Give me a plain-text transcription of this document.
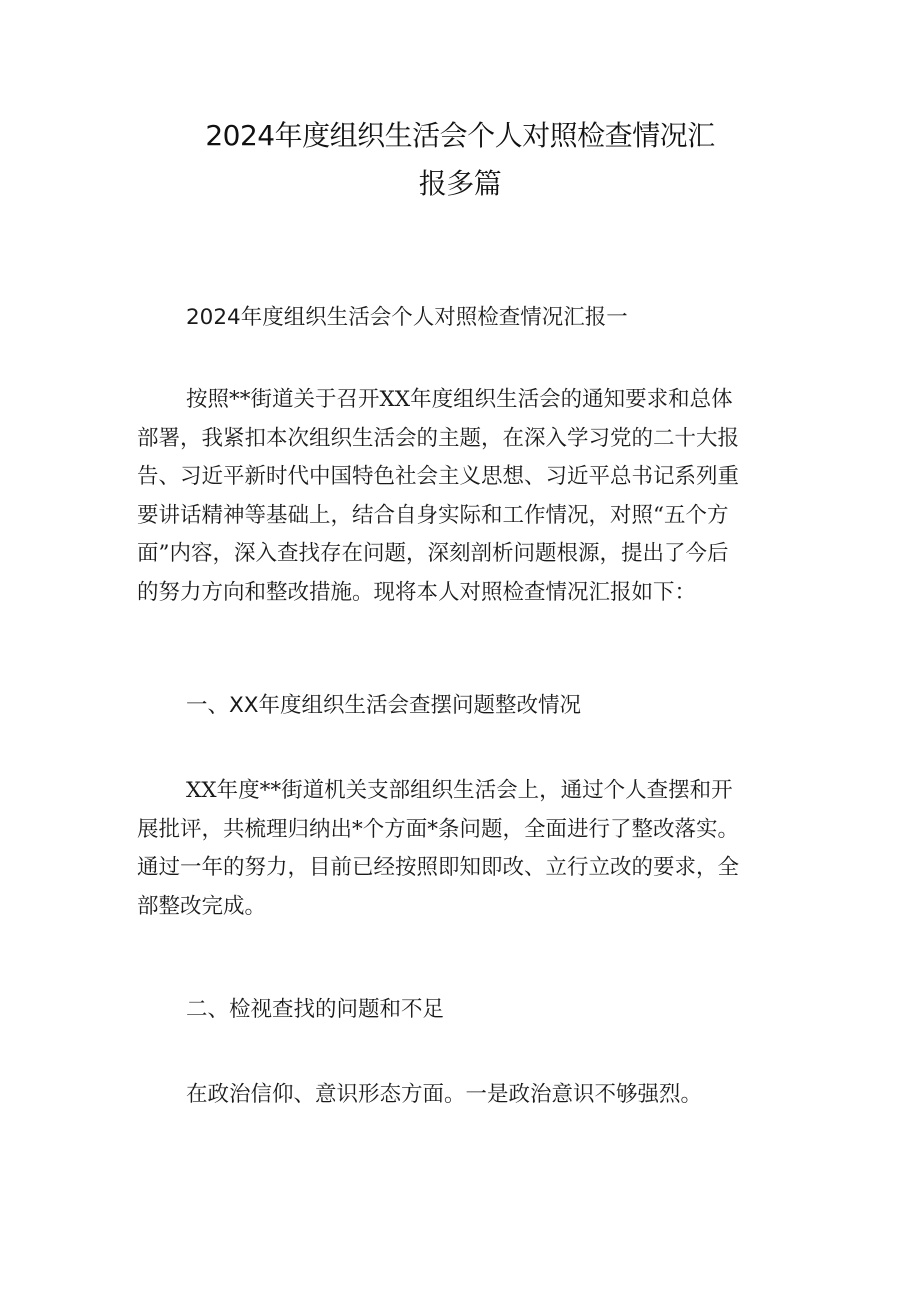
2024年度组织生活会个人对照检查情况汇
报多篇
2024年度组织生活会个人对照检查情况汇报一

按照**街道关于召开XX年度组织生活会的通知要求和总体
部署，我紧扣本次组织生活会的主题，在深入学习党的二十大报
告、习近平新时代中国特色社会主义思想、习近平总书记系列重
要讲话精神等基础上，结合自身实际和工作情况，对照“五个方
面”内容，深入查找存在问题，深刻剖析问题根源，提出了今后
的努力方向和整改措施。现将本人对照检查情况汇报如下：

一、XX年度组织生活会查摆问题整改情况

XX年度**街道机关支部组织生活会上，通过个人查摆和开
展批评，共梳理归纳出*个方面*条问题，全面进行了整改落实。
通过一年的努力，目前已经按照即知即改、立行立改的要求，全
部整改完成。

二、检视查找的问题和不足
在政治信仰、意识形态方面。一是政治意识不够强烈。
